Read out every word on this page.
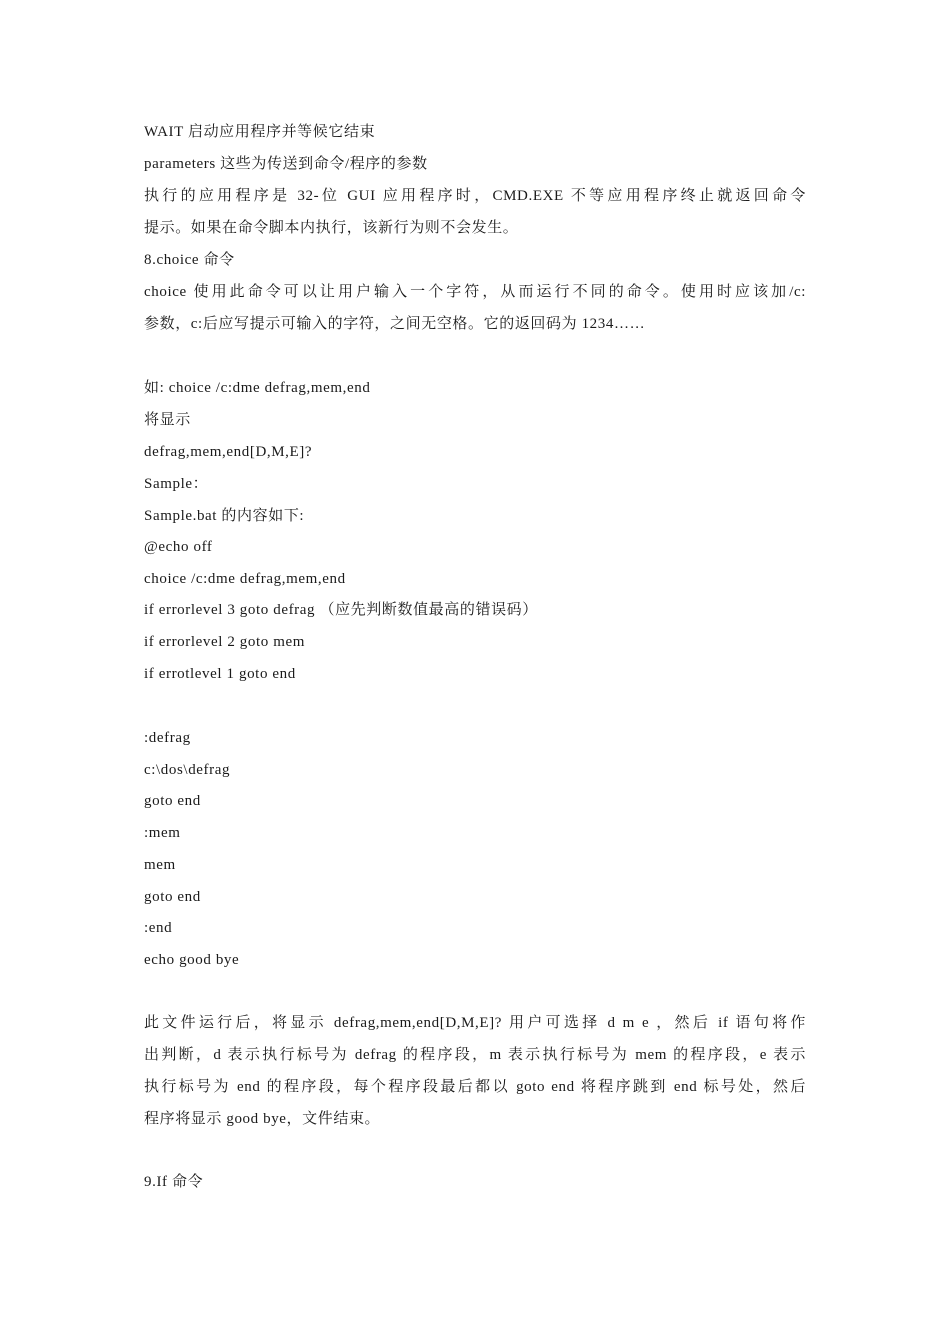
WAIT 启动应用程序并等候它结束
parameters 这些为传送到命令/程序的参数
执行的应用程序是 32-位 GUI 应用程序时，CMD.EXE 不等应用程序终止就返回命令
提示。如果在命令脚本内执行，该新行为则不会发生。
8.choice 命令
choice 使用此命令可以让用户输入一个字符，从而运行不同的命令。使用时应该加/c:
参数，c:后应写提示可输入的字符，之间无空格。它的返回码为 1234……
如: choice /c:dme defrag,mem,end
将显示
defrag,mem,end[D,M,E]?
Sample：
Sample.bat 的内容如下:
@echo off
choice /c:dme defrag,mem,end
if errorlevel 3 goto defrag （应先判断数值最高的错误码）
if errorlevel 2 goto mem
if errotlevel 1 goto end
:defrag
c:\dos\defrag
goto end
:mem
mem
goto end
:end
echo good bye
此文件运行后，将显示 defrag,mem,end[D,M,E]? 用户可选择 d m e ，然后 if 语句将作
出判断，d 表示执行标号为 defrag 的程序段，m 表示执行标号为 mem 的程序段，e 表示
执行标号为 end 的程序段，每个程序段最后都以 goto end 将程序跳到 end 标号处，然后
程序将显示 good bye，文件结束。
9.If 命令
